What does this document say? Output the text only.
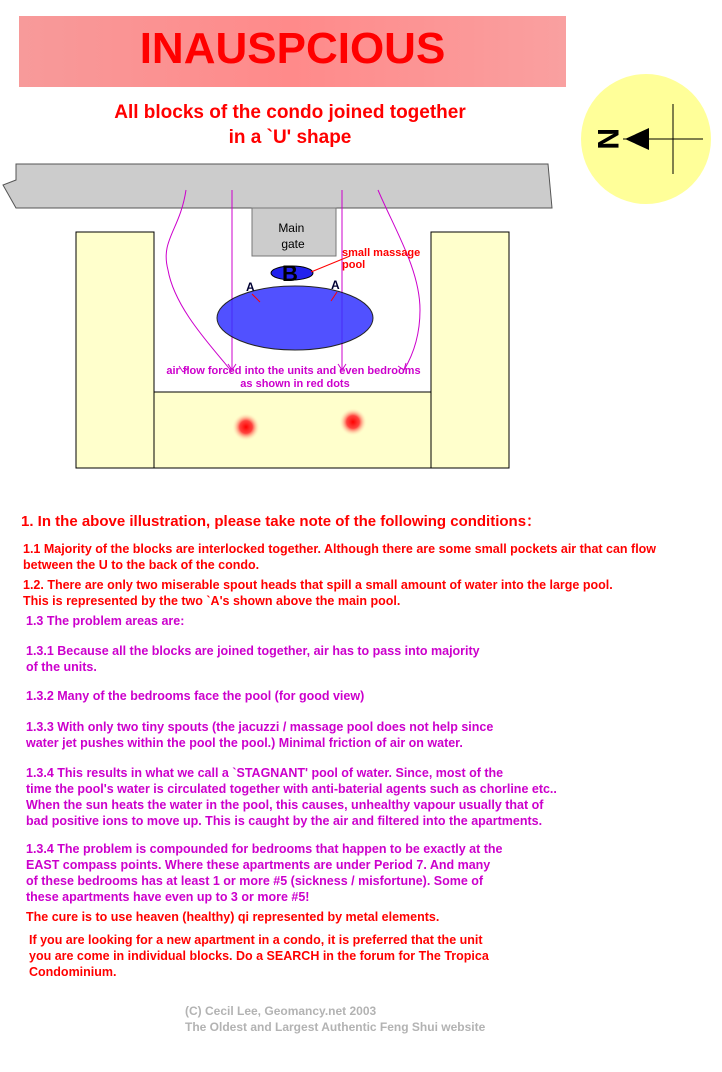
INAUSPCIOUS
All blocks of the condo joined together
in a `U' shape	N
Main gate
B
small massage pool
A	A
air flow forced into the units and even bedrooms as shown in red dots
1. In the above illustration, please take note of the following conditions：
1.1 Majority of the blocks are interlocked together. Although there are some small pockets air that can flow
between the U to the back of the condo.
1.2. There are only two miserable spout heads that spill a small amount of water into the large pool.
This is represented by the two `A's shown above the main pool.
1.3 The problem areas are:
1.3.1 Because all the blocks are joined together, air has to pass into majority
of the units.
1.3.2 Many of the bedrooms face the pool (for good view)
1.3.3 With only two tiny spouts (the jacuzzi / massage pool does not help since
water jet pushes within the pool the pool.) Minimal friction of air on water.
1.3.4 This results in what we call a `STAGNANT' pool of water. Since, most of the
time the pool's water is circulated together with anti-baterial agents such as chorline etc..
When the sun heats the water in the pool, this causes, unhealthy vapour usually that of
bad positive ions to move up. This is caught by the air and filtered into the apartments.
1.3.4 The problem is compounded for bedrooms that happen to be exactly at the
EAST compass points. Where these apartments are under Period 7. And many
of these bedrooms has at least 1 or more #5 (sickness / misfortune). Some of
these apartments have even up to 3 or more #5!
The cure is to use heaven (healthy) qi represented by metal elements.
If you are looking for a new apartment in a condo, it is preferred that the unit
you are come in individual blocks. Do a SEARCH in the forum for The Tropica
Condominium.
(C) Cecil Lee, Geomancy.net 2003
The Oldest and Largest Authentic Feng Shui website
